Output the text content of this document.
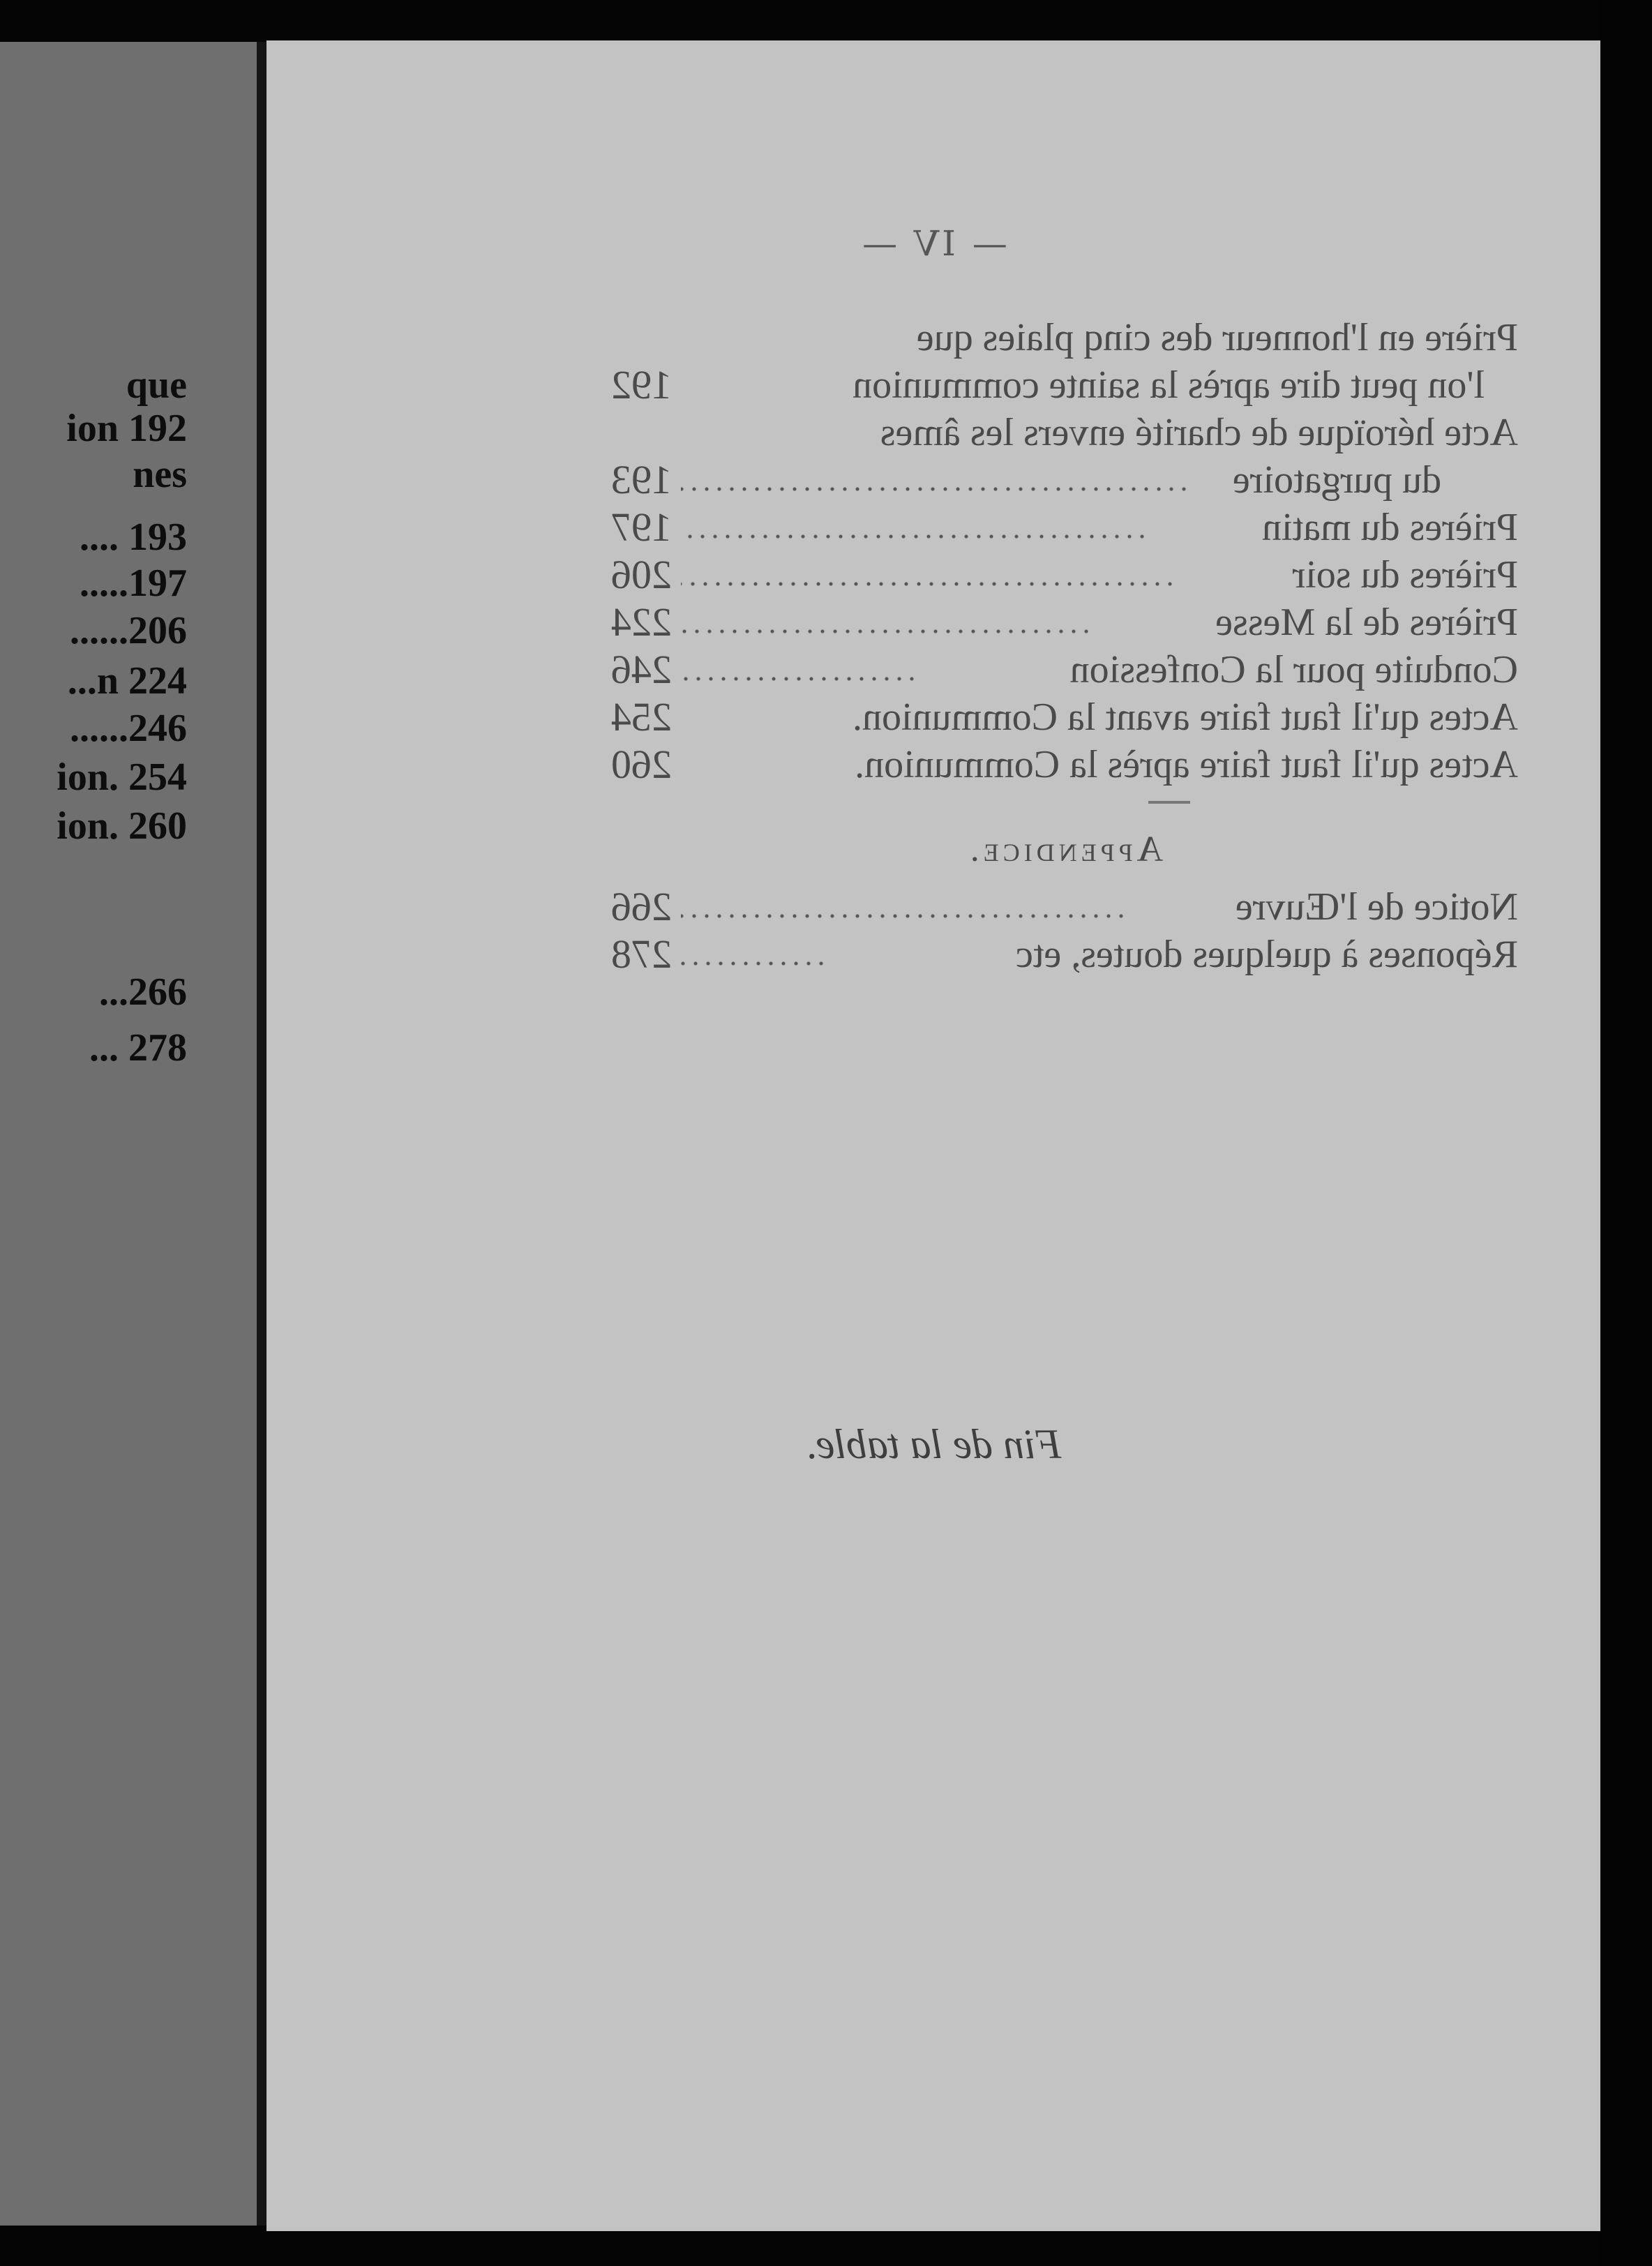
que
ion 192
nes
.... 193
.....197
......206
...n 224
......246
ion. 254
ion. 260
...266
... 278
— IV —
Prière en l'honneur des cinq plaies que
l'on peut dire après la sainte communion
192
Acte héroïque de charité envers les âmes
du purgatoire
193
Prières du matin
197
Prières du soir
206
Prières de la Messe
224
Conduite pour la Confession
246
Actes qu'il faut faire avant la Communion.
254
Actes qu'il faut faire après la Communion.
260
Appendice.
Notice de l'Œuvre
266
Réponses à quelques doutes, etc
278
Fin de la table.
